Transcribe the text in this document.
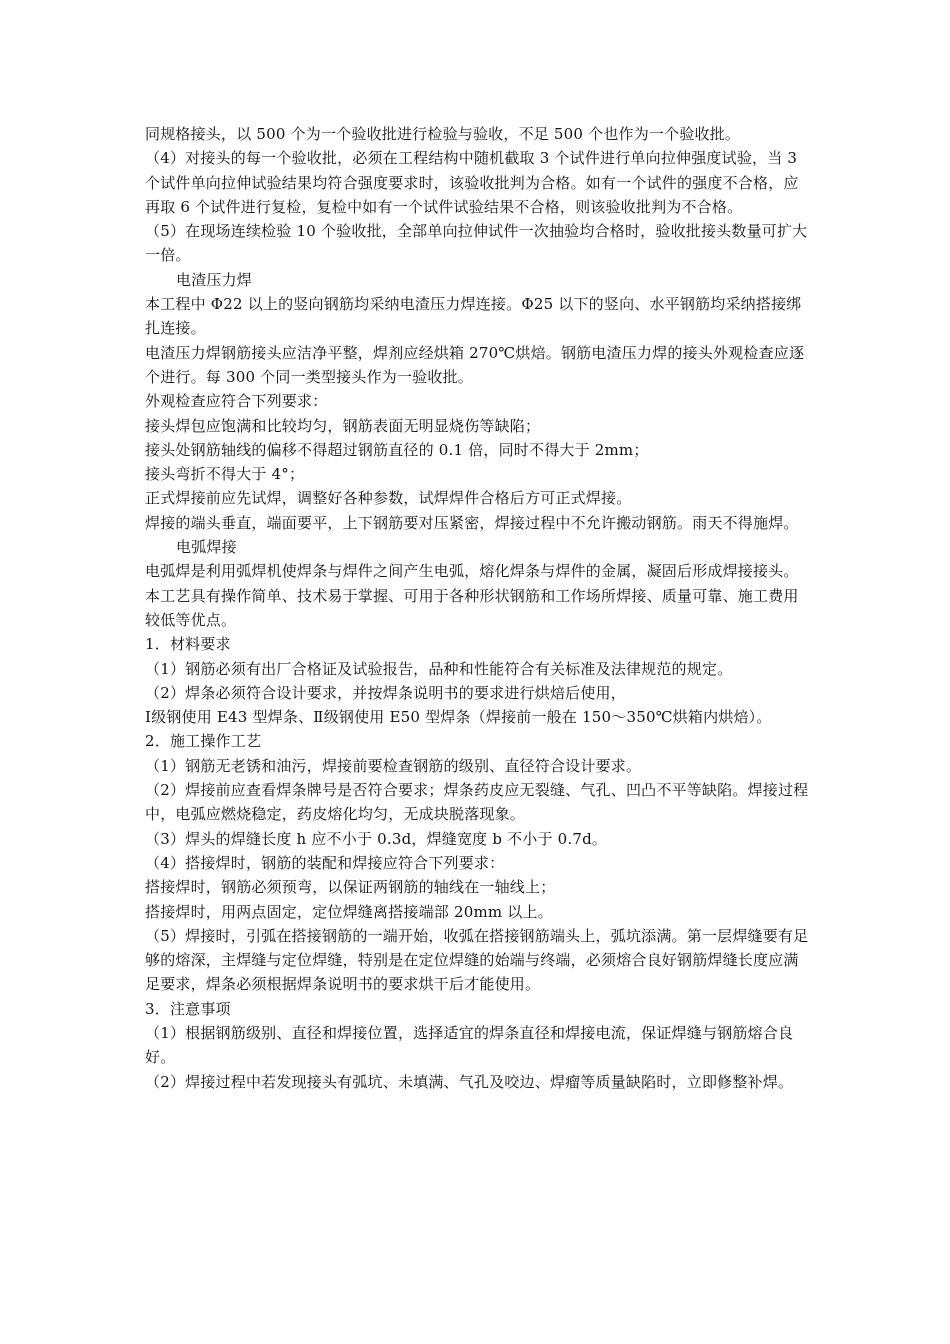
同规格接头，以 500 个为一个验收批进行检验与验收，不足 500 个也作为一个验收批。

（4）对接头的每一个验收批，必须在工程结构中随机截取 3 个试件进行单向拉伸强度试验，当 3 个试件单向拉伸试验结果均符合强度要求时，该验收批判为合格。如有一个试件的强度不合格，应再取 6 个试件进行复检，复检中如有一个试件试验结果不合格，则该验收批判为不合格。

（5）在现场连续检验 10 个验收批，全部单向拉伸试件一次抽验均合格时，验收批接头数量可扩大一倍。

电渣压力焊

本工程中 Φ22 以上的竖向钢筋均采纳电渣压力焊连接。Φ25 以下的竖向、水平钢筋均采纳搭接绑扎连接。

电渣压力焊钢筋接头应洁净平整，焊剂应经烘箱 270℃烘焙。钢筋电渣压力焊的接头外观检查应逐个进行。每 300 个同一类型接头作为一验收批。

外观检查应符合下列要求：

接头焊包应饱满和比较均匀，钢筋表面无明显烧伤等缺陷；

接头处钢筋轴线的偏移不得超过钢筋直径的 0.1 倍，同时不得大于 2mm；

接头弯折不得大于 4°；

正式焊接前应先试焊，调整好各种参数，试焊焊件合格后方可正式焊接。

焊接的端头垂直，端面要平，上下钢筋要对压紧密，焊接过程中不允许搬动钢筋。雨天不得施焊。

电弧焊接

电弧焊是利用弧焊机使焊条与焊件之间产生电弧，熔化焊条与焊件的金属，凝固后形成焊接接头。本工艺具有操作简单、技术易于掌握、可用于各种形状钢筋和工作场所焊接、质量可靠、施工费用较低等优点。

1．材料要求

（1）钢筋必须有出厂合格证及试验报告，品种和性能符合有关标准及法律规范的规定。

（2）焊条必须符合设计要求，并按焊条说明书的要求进行烘焙后使用，

Ⅰ级钢使用 E43 型焊条、Ⅱ级钢使用 E50 型焊条（焊接前一般在 150～350℃烘箱内烘焙）。

2．施工操作工艺

（1）钢筋无老锈和油污，焊接前要检查钢筋的级别、直径符合设计要求。

（2）焊接前应查看焊条牌号是否符合要求；焊条药皮应无裂缝、气孔、凹凸不平等缺陷。焊接过程中，电弧应燃烧稳定，药皮熔化均匀，无成块脱落现象。

（3）焊头的焊缝长度 h 应不小于 0.3d，焊缝宽度 b 不小于 0.7d。

（4）搭接焊时，钢筋的装配和焊接应符合下列要求：

搭接焊时，钢筋必须预弯，以保证两钢筋的轴线在一轴线上；

搭接焊时，用两点固定，定位焊缝离搭接端部 20mm 以上。

（5）焊接时，引弧在搭接钢筋的一端开始，收弧在搭接钢筋端头上，弧坑添满。第一层焊缝要有足够的熔深，主焊缝与定位焊缝，特别是在定位焊缝的始端与终端，必须熔合良好钢筋焊缝长度应满足要求，焊条必须根据焊条说明书的要求烘干后才能使用。

3．注意事项

（1）根据钢筋级别、直径和焊接位置，选择适宜的焊条直径和焊接电流，保证焊缝与钢筋熔合良好。

（2）焊接过程中若发现接头有弧坑、未填满、气孔及咬边、焊瘤等质量缺陷时，立即修整补焊。
